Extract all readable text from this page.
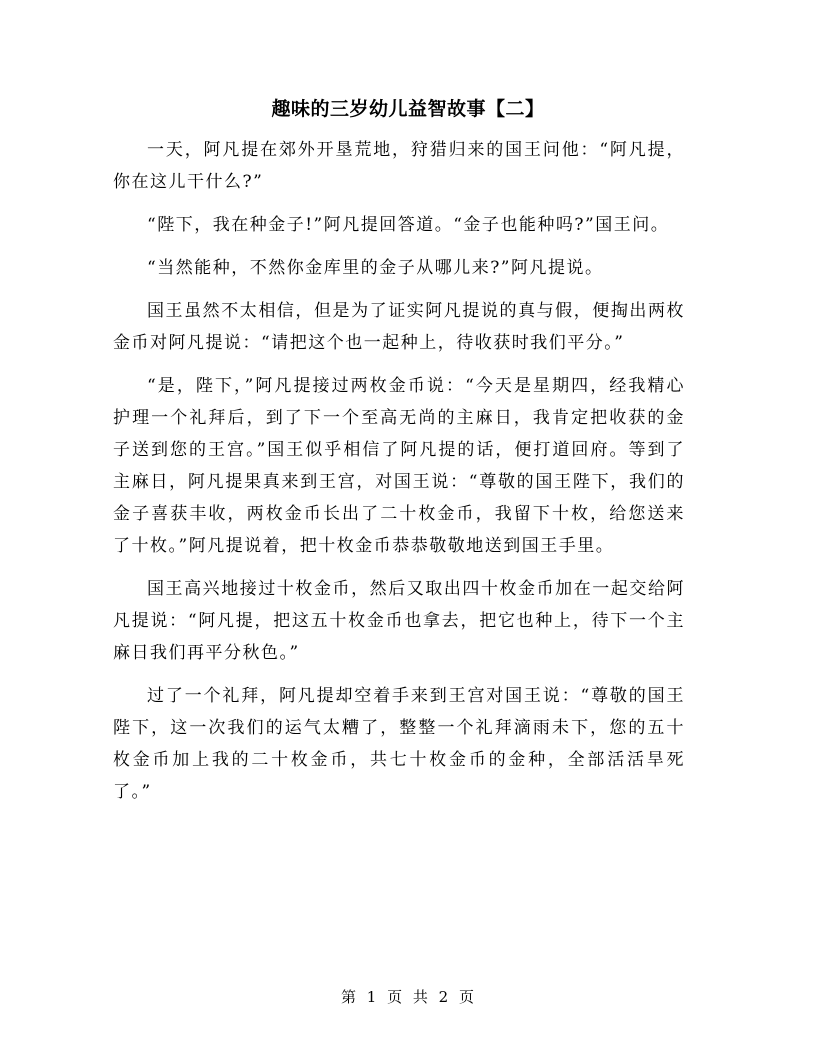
趣味的三岁幼儿益智故事【二】

一天，阿凡提在郊外开垦荒地，狩猎归来的国王问他：“阿凡提，你在这儿干什么?”

“陛下，我在种金子!”阿凡提回答道。“金子也能种吗?”国王问。

“当然能种，不然你金库里的金子从哪儿来?”阿凡提说。

国王虽然不太相信，但是为了证实阿凡提说的真与假，便掏出两枚金币对阿凡提说：“请把这个也一起种上，待收获时我们平分。”

“是，陛下，”阿凡提接过两枚金币说：“今天是星期四，经我精心护理一个礼拜后，到了下一个至高无尚的主麻日，我肯定把收获的金子送到您的王宫。”国王似乎相信了阿凡提的话，便打道回府。等到了主麻日，阿凡提果真来到王宫，对国王说：“尊敬的国王陛下，我们的金子喜获丰收，两枚金币长出了二十枚金币，我留下十枚，给您送来了十枚。”阿凡提说着，把十枚金币恭恭敬敬地送到国王手里。

国王高兴地接过十枚金币，然后又取出四十枚金币加在一起交给阿凡提说：“阿凡提，把这五十枚金币也拿去，把它也种上，待下一个主麻日我们再平分秋色。”

过了一个礼拜，阿凡提却空着手来到王宫对国王说：“尊敬的国王陛下，这一次我们的运气太糟了，整整一个礼拜滴雨未下，您的五十枚金币加上我的二十枚金币，共七十枚金币的金种，全部活活旱死了。”

第 1 页 共 2 页
